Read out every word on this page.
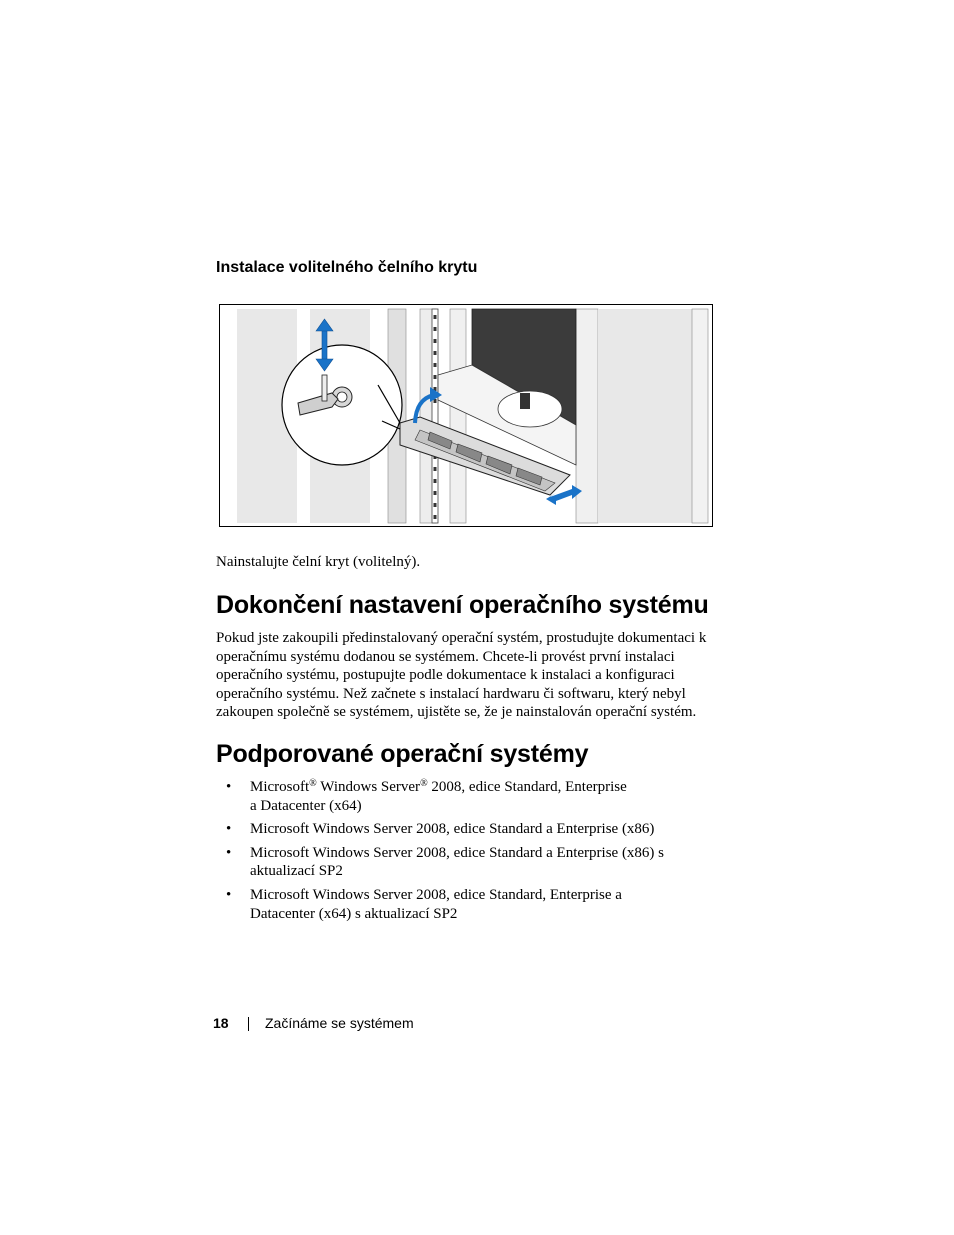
Instalace volitelného čelního krytu
Nainstalujte čelní kryt (volitelný).
Dokončení nastavení operačního systému
Pokud jste zakoupili předinstalovaný operační systém, prostudujte dokumentaci k
operačnímu systému dodanou se systémem. Chcete-li provést první instalaci
operačního systému, postupujte podle dokumentace k instalaci a konfiguraci
operačního systému. Než začnete s instalací hardwaru či softwaru, který nebyl
zakoupen společně se systémem, ujistěte se, že je nainstalován operační systém.
Podporované operační systémy
• Microsoft® Windows Server® 2008, edice Standard, Enterprise
a Datacenter (x64)
• Microsoft Windows Server 2008, edice Standard a Enterprise (x86)
• Microsoft Windows Server 2008, edice Standard a Enterprise (x86) s
aktualizací SP2
• Microsoft Windows Server 2008, edice Standard, Enterprise a
Datacenter (x64) s aktualizací SP2
18	Začínáme se systémem
